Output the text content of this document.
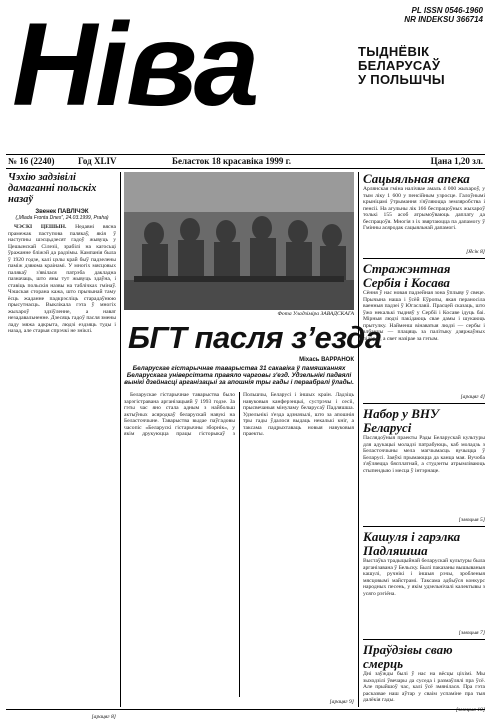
Ніва	PL ISSN 0546-1960
NR INDEKSU 366714
ТЫДНЁВІК
БЕЛАРУСАЎ
У ПОЛЬШЧЫ
№ 16 (2240)	Год XLIV	Беласток 18 красавіка 1999 г.	Цана 1,20 зл.
Чэхію задзівілі дамаганні польскіх назаў
Звенек ПАВЛІЧЭК
(„Mlada Fronta Dnes”, 24.03.1999, Praha)

ЧЭСКІ ЦЕШЫН. Недавні вясна прамежак паступова палякаў, якія ў наступны шэсцьдзесят гадоў жывуць у Цешынскай Сілезіі, зрабілі на кагосьці ўражанне бліжэй да радзімы. Кампанія была ў 1920 годзе, калі цэлы край быў падзелены памiж дзвюма краінамі. У многіх мясцовых палякаў з'явілася патрэба дакладна пазначаць, што яны тут жывуць здаўна, і ставіць польскія назвы на таблічках гмінаў. Чэшская сторана кажа, што прычынай таму ёсць жаданне падкрэсліць старадаўнюю прысутнасць. Выклікала гэта ў многіх жыхароў здзіўленне, а нават незадавальненне. Дзесяць гадоў пасля змены ладу мяжа адкрыта, людзі ездзяць туды і назад, але старыя спрэчкі не зніклі.

[арацяг 8]
Фота Уладзіміра ЗАВАДСКАГА
БГТ пасля з’езда
Міхась ВАРРАНОК
Беларускае гістарычнае таварыства 31 сакавіка ў памяшканнях Беларускага універсітэта правяло чарговы з'езд. Удзельнікі падвялі вынікі дзейнасці арганізацыі за апошнія тры гады і пераабралі ўлады.

Беларускае гістарычнае таварыства было зарэгістравана арганізацыяй ў 1993 годзе. За гэты час яно стала адным з найбольш актыўных асяродкаў беларускай навукі на Беласточчыне. Таварыства выдае паўгадовы часопіс «Беларускі гістарычны зборнік», у якім друкуюцца працы гісторыкаў з Польшчы, Беларусі і іншых краін. Ладзіць навуковыя канферэнцыі, сустрэчы і сесіі, прысвечаныя мінуламу беларусаў Падляшша. Удзельнікі з'езда адзначылі, што за апошнія тры гады ўдалося выдаць некалькі кніг, а таксама падрыхтаваць новыя навуковыя праекты.

[арацяг 9]
Сацыяльная апека
Арлянская гміна налічвае амаль 4 000 жыхароў, у тым ліку 1 600 у пенсійным узросце. Галоўнымі крыніцамі ўтрымання з'яўляюцца земляробства і пенсіі. На агульны лік 166 беспрацоўных жыхароў толькі 155 асоб атрымоўваюць даплату да беспрацоўя. Многія з іх звяртаюцца па дапамогу ў Гмінны асяродак сацыяльнай дапамогі.
[Ясік 8]
Стражэнтная Сербія і Косава
Сёння ў нас новая падзейная зона ўплыву ў свеце. Прычына наша і ўсёй Еўропы, якая пераносіла ваенныя падзеі ў Югаславіі. Прасцей сказаць, што ўжо некалькі тыдняў у Сербіі і Косаве ідуць баі. Мірныя людзі пакідаюць свае дамы і шукаюць прытулку. Найменш вінаватыя людзі — сербы і албанцы — плацяць за палітыку дзяржаўных лідэраў, а свет назірае за гэтым.
[арацяг 4]
Набор у ВНУ Беларусі
Паслядоўныя праекты Рады Беларускай культуры для адукацыі моладзі патрабуюць, каб моладзь з Беласточчыны мела магчымасць вучыцца ў Беларусі. Заяўкі прымаюцца да канца мая. Вучоба з'яўляецца бясплатнай, а студэнты атрымліваюць стыпендыю і месца ў інтэрнаце.
[эмоцыя 5]
Кашуля і гарэлка Падляшша
Выстаўка традыцыйнай беларускай культуры была арганізавана ў Бельску. Былі паказаны вышываныя кашулі, ручнікі і іншыя рэчы, зробленыя мясцовымі майстрамі. Таксама адбыўся конкурс народных песень, у якім удзельнічалі калектывы з усяго рэгіёна.
[эмоцыя 7]
Праўдзівы сваю смерць
Дні заўжды былі ў нас на вёсцы ціхімі. Мы зыходзілі ўвечары да суседа і размаўлялі пра ўсё. Але прыйшоў час, калі ўсё змянілася. Пра гэта расказвае наш аўтар у сваім успаміне пра тыя далёкія гады.
[эмоцыя 10]
